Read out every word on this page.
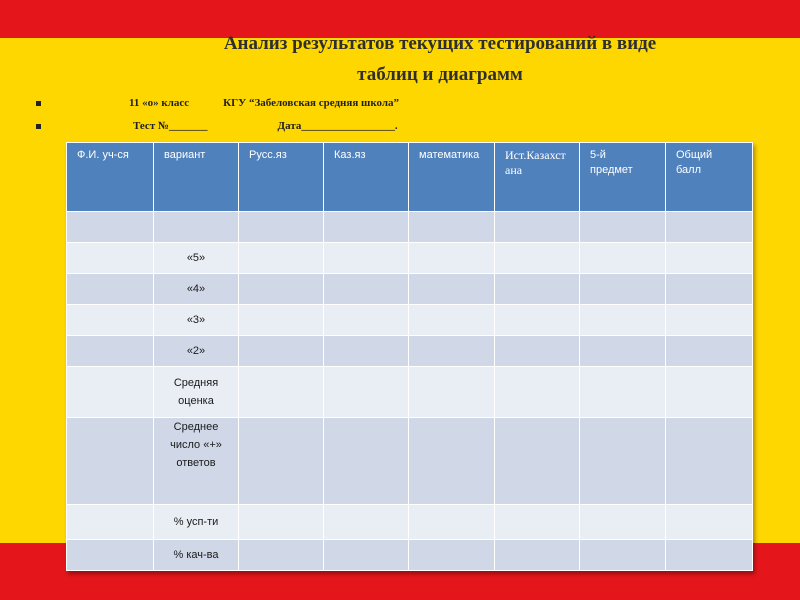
Анализ результатов текущих тестирований в виде
таблиц и диаграмм
11 «о» класс	КГУ “Забеловская средняя школа”
Тест №_______	Дата_________________.
Ф.И. уч-ся	вариант	Русс.яз	Каз.яз	математика	Ист.Казахстана	5-й предмет	Общий балл

	«5»						
	«4»						
	«3»						
	«2»						
	Средняя оценка						
	Среднее число «+» ответов						
	% усп-ти						
	% кач-ва						
